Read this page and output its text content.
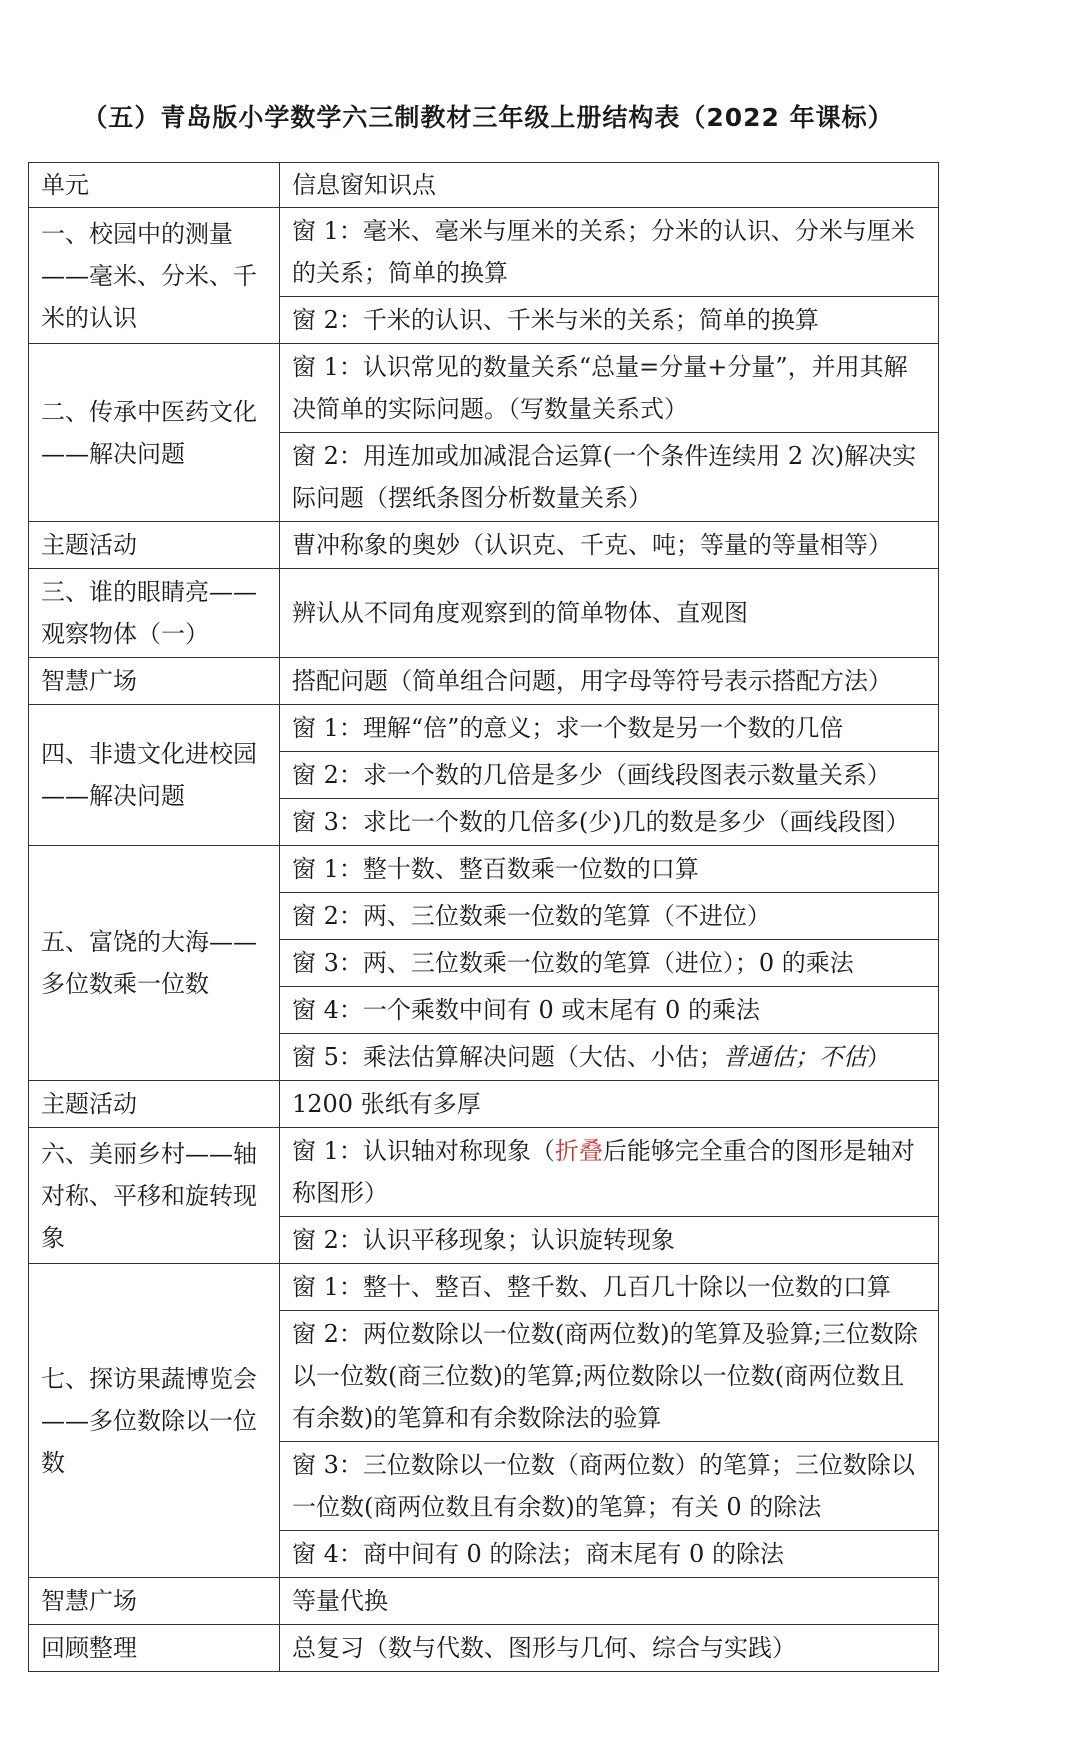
（五）青岛版小学数学六三制教材三年级上册结构表（2022 年课标）
单元	信息窗知识点
一、校园中的测量——毫米、分米、千米的认识	窗 1：毫米、毫米与厘米的关系；分米的认识、分米与厘米的关系；简单的换算
	窗 2：千米的认识、千米与米的关系；简单的换算
二、传承中医药文化——解决问题	窗 1：认识常见的数量关系“总量=分量+分量”，并用其解决简单的实际问题。（写数量关系式）
	窗 2：用连加或加减混合运算(一个条件连续用 2 次)解决实际问题（摆纸条图分析数量关系）
主题活动	曹冲称象的奥妙（认识克、千克、吨；等量的等量相等）
三、谁的眼睛亮——观察物体（一）	辨认从不同角度观察到的简单物体、直观图
智慧广场	搭配问题（简单组合问题，用字母等符号表示搭配方法）
四、非遗文化进校园——解决问题	窗 1：理解“倍”的意义；求一个数是另一个数的几倍
	窗 2：求一个数的几倍是多少（画线段图表示数量关系）
	窗 3：求比一个数的几倍多(少)几的数是多少（画线段图）
五、富饶的大海——多位数乘一位数	窗 1：整十数、整百数乘一位数的口算
	窗 2：两、三位数乘一位数的笔算（不进位）
	窗 3：两、三位数乘一位数的笔算（进位）；0 的乘法
	窗 4：一个乘数中间有 0 或末尾有 0 的乘法
	窗 5：乘法估算解决问题（大估、小估；普通估；不估）
主题活动	1200 张纸有多厚
六、美丽乡村——轴对称、平移和旋转现象	窗 1：认识轴对称现象（折叠后能够完全重合的图形是轴对称图形）
	窗 2：认识平移现象；认识旋转现象
七、探访果蔬博览会——多位数除以一位数	窗 1：整十、整百、整千数、几百几十除以一位数的口算
	窗 2：两位数除以一位数(商两位数)的笔算及验算;三位数除以一位数(商三位数)的笔算;两位数除以一位数(商两位数且有余数)的笔算和有余数除法的验算
	窗 3：三位数除以一位数（商两位数）的笔算；三位数除以一位数(商两位数且有余数)的笔算；有关 0 的除法
	窗 4：商中间有 0 的除法；商末尾有 0 的除法
智慧广场	等量代换
回顾整理	总复习（数与代数、图形与几何、综合与实践）
